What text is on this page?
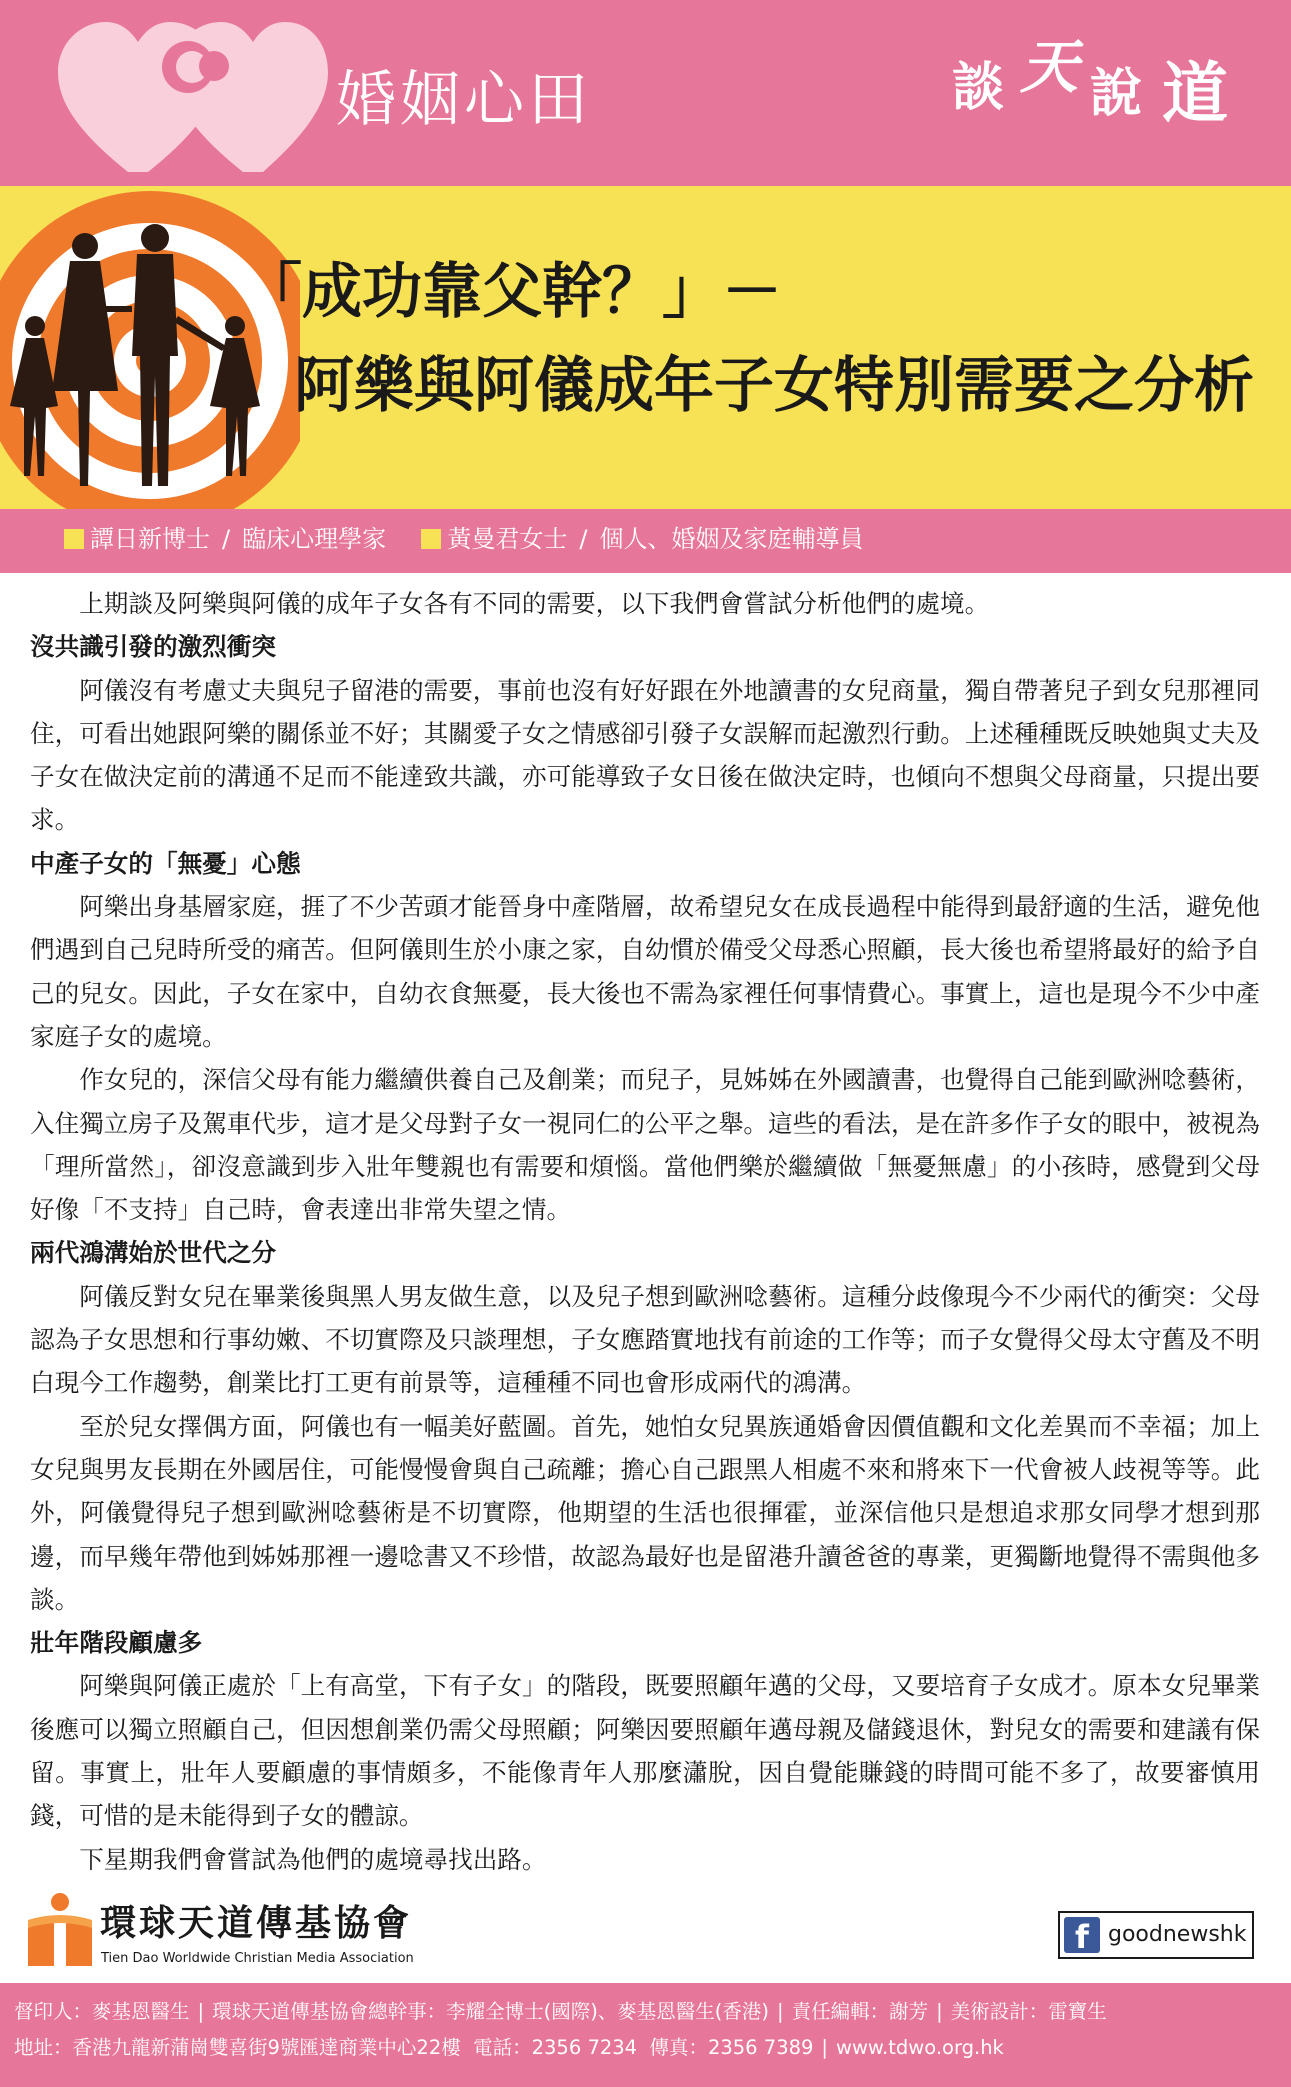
婚姻心田	談 天 說 道
「成功靠父幹？」－
阿樂與阿儀成年子女特別需要之分析
譚日新博士 / 臨床心理學家	黃曼君女士 / 個人、婚姻及家庭輔導員

上期談及阿樂與阿儀的成年子女各有不同的需要，以下我們會嘗試分析他們的處境。

沒共識引發的激烈衝突

阿儀沒有考慮丈夫與兒子留港的需要，事前也沒有好好跟在外地讀書的女兒商量，獨自帶著兒子到女兒那裡同住，可看出她跟阿樂的關係並不好；其關愛子女之情感卻引發子女誤解而起激烈行動。上述種種既反映她與丈夫及子女在做決定前的溝通不足而不能達致共識，亦可能導致子女日後在做決定時，也傾向不想與父母商量，只提出要求。

中產子女的「無憂」心態

阿樂出身基層家庭，捱了不少苦頭才能晉身中產階層，故希望兒女在成長過程中能得到最舒適的生活，避免他們遇到自己兒時所受的痛苦。但阿儀則生於小康之家，自幼慣於備受父母悉心照顧，長大後也希望將最好的給予自己的兒女。因此，子女在家中，自幼衣食無憂，長大後也不需為家裡任何事情費心。事實上，這也是現今不少中產家庭子女的處境。

作女兒的，深信父母有能力繼續供養自己及創業；而兒子，見姊姊在外國讀書，也覺得自己能到歐洲唸藝術，入住獨立房子及駕車代步，這才是父母對子女一視同仁的公平之舉。這些的看法，是在許多作子女的眼中，被視為「理所當然」，卻沒意識到步入壯年雙親也有需要和煩惱。當他們樂於繼續做「無憂無慮」的小孩時，感覺到父母好像「不支持」自己時，會表達出非常失望之情。

兩代鴻溝始於世代之分

阿儀反對女兒在畢業後與黑人男友做生意，以及兒子想到歐洲唸藝術。這種分歧像現今不少兩代的衝突：父母認為子女思想和行事幼嫩、不切實際及只談理想，子女應踏實地找有前途的工作等；而子女覺得父母太守舊及不明白現今工作趨勢，創業比打工更有前景等，這種種不同也會形成兩代的鴻溝。

至於兒女擇偶方面，阿儀也有一幅美好藍圖。首先，她怕女兒異族通婚會因價值觀和文化差異而不幸福；加上女兒與男友長期在外國居住，可能慢慢會與自己疏離；擔心自己跟黑人相處不來和將來下一代會被人歧視等等。此外，阿儀覺得兒子想到歐洲唸藝術是不切實際，他期望的生活也很揮霍，並深信他只是想追求那女同學才想到那邊，而早幾年帶他到姊姊那裡一邊唸書又不珍惜，故認為最好也是留港升讀爸爸的專業，更獨斷地覺得不需與他多談。

壯年階段顧慮多

阿樂與阿儀正處於「上有高堂，下有子女」的階段，既要照顧年邁的父母，又要培育子女成才。原本女兒畢業後應可以獨立照顧自己，但因想創業仍需父母照顧；阿樂因要照顧年邁母親及儲錢退休，對兒女的需要和建議有保留。事實上，壯年人要顧慮的事情頗多，不能像青年人那麼瀟脫，因自覺能賺錢的時間可能不多了，故要審慎用錢，可惜的是未能得到子女的體諒。

下星期我們會嘗試為他們的處境尋找出路。

環球天道傳基協會
Tien Dao Worldwide Christian Media Association
f goodnewshk
督印人：麥基恩醫生 | 環球天道傳基協會總幹事：李耀全博士(國際)、麥基恩醫生(香港) | 責任編輯：謝芳 | 美術設計：雷寶生
地址：香港九龍新蒲崗雙喜街9號匯達商業中心22樓  電話：2356 7234  傳真：2356 7389 | www.tdwo.org.hk
